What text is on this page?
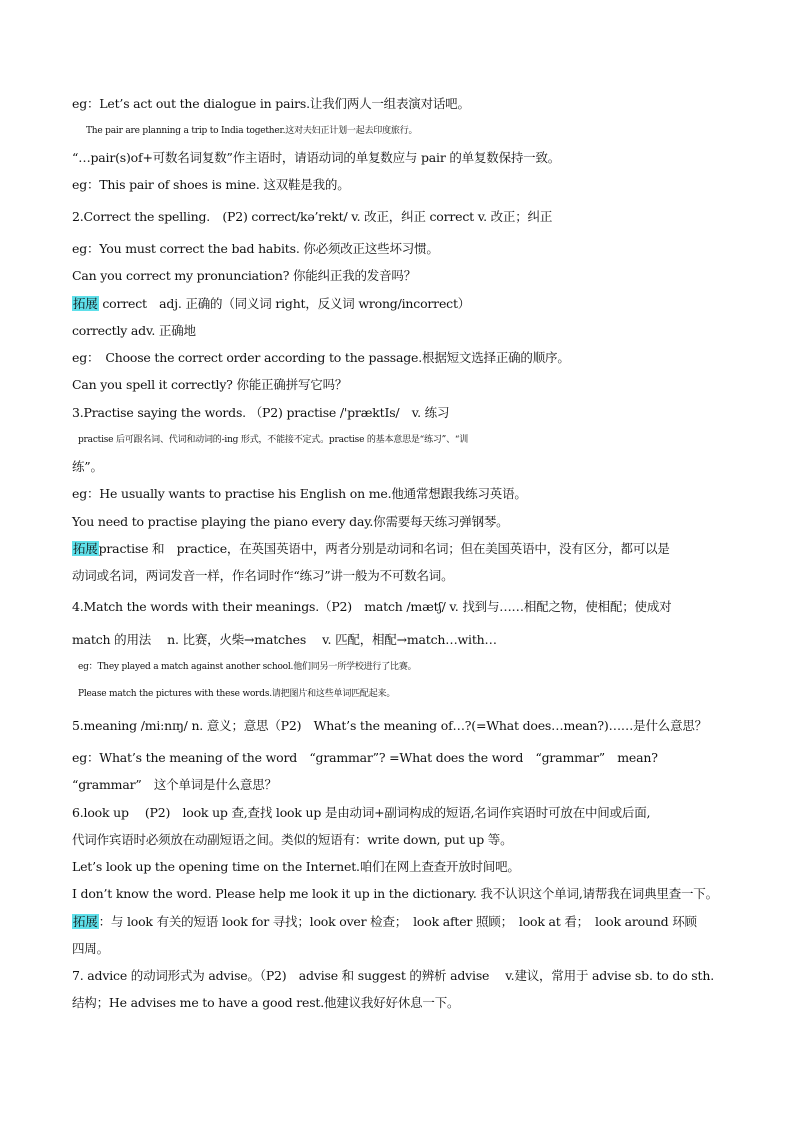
eg：Let’s act out the dialogue in pairs.让我们两人一组表演对话吧。
The pair are planning a trip to India together.这对夫妇正计划一起去印度旅行。
“…pair(s)of+可数名词复数”作主语时，请语动词的单复数应与 pair 的单复数保持一致。
eg：This pair of shoes is mine. 这双鞋是我的。
2.Correct the spelling.　(P2) correct/kə’rekt/ v. 改正，纠正 correct v. 改正；纠正
eg：You must correct the bad habits. 你必须改正这些坏习惯。
Can you correct my pronunciation? 你能纠正我的发音吗？
拓展 correct　adj. 正确的（同义词 right，反义词 wrong/incorrect）
correctly adv. 正确地
eg：　Choose the correct order according to the passage.根据短文选择正确的顺序。
Can you spell it correctly? 你能正确拼写它吗？
3.Practise saying the words. （P2) practise /'præktIs/　v. 练习
practise 后可跟名词、代词和动词的-ing 形式，不能接不定式。practise 的基本意思是“练习”、“训
练”。
eg：He usually wants to practise his English on me.他通常想跟我练习英语。
You need to practise playing the piano every day.你需要每天练习弹钢琴。
拓展practise 和　practice，在英国英语中，两者分别是动词和名词；但在美国英语中，没有区分，都可以是
动词或名词，两词发音一样，作名词时作“练习”讲一般为不可数名词。
4.Match the words with their meanings.（P2)　match /mætʃ/ v. 找到与……相配之物，使相配；使成对
match 的用法　 n. 比赛，火柴→matches　 v. 匹配，相配→match…with…
eg：They played a match against another school.他们同另一所学校进行了比赛。
Please match the pictures with these words.请把图片和这些单词匹配起来。
5.meaning /mi:nɪŋ/ n. 意义；意思（P2)　What’s the meaning of…?(=What does…mean?)……是什么意思？
eg：What’s the meaning of the word　“grammar”? =What does the word　“grammar”　mean?
“grammar”　这个单词是什么意思？
6.look up　 (P2)　look up 查,查找 look up 是由动词+副词构成的短语,名词作宾语时可放在中间或后面,
代词作宾语时必须放在动副短语之间。类似的短语有：write down, put up 等。
Let’s look up the opening time on the Internet.咱们在网上查查开放时间吧。
I don’t know the word. Please help me look it up in the dictionary. 我不认识这个单词,请帮我在词典里查一下。
拓展：与 look 有关的短语 look for 寻找；look over 检查；　look after 照顾；　look at 看；　look around 环顾
四周。
7. advice 的动词形式为 advise。（P2)　advise 和 suggest 的辨析 advise　 v.建议，常用于 advise sb. to do sth.
结构；He advises me to have a good rest.他建议我好好休息一下。
